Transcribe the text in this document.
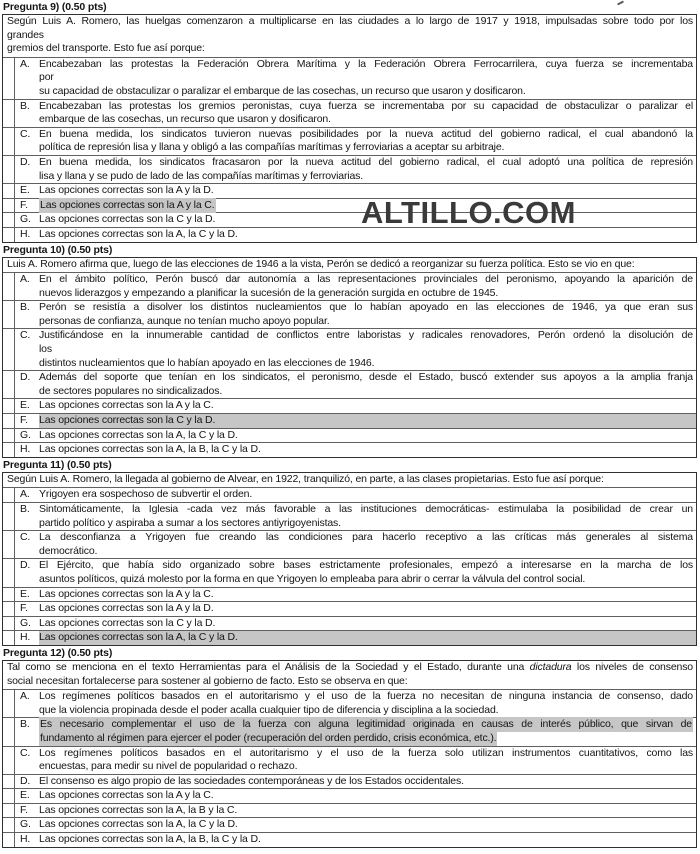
ALTILLO.COM
Pregunta 9) (0.50 pts)
Según Luis A. Romero, las huelgas comenzaron a multiplicarse en las ciudades a lo largo de 1917 y 1918, impulsadas sobre todo por los
grandes
gremios del transporte. Esto fue así porque:
A. Encabezaban las protestas la Federación Obrera Marítima y la Federación Obrera Ferrocarrilera, cuya fuerza se incrementaba
por
su capacidad de obstaculizar o paralizar el embarque de las cosechas, un recurso que usaron y dosificaron.
B. Encabezaban las protestas los gremios peronistas, cuya fuerza se incrementaba por su capacidad de obstaculizar o paralizar el
embarque de las cosechas, un recurso que usaron y dosificaron.
C. En buena medida, los sindicatos tuvieron nuevas posibilidades por la nueva actitud del gobierno radical, el cual abandonó la
política de represión lisa y llana y obligó a las compañías marítimas y ferroviarias a aceptar su arbitraje.
D. En buena medida, los sindicatos fracasaron por la nueva actitud del gobierno radical, el cual adoptó una política de represión
lisa y llana y se pudo de lado de las compañías marítimas y ferroviarias.
E. Las opciones correctas son la A y la D.
F.	Las opciones correctas son la A y la C.
G. Las opciones correctas son la C y la D.
H. Las opciones correctas son la A, la C y la D.
Pregunta 10) (0.50 pts)
Luis A. Romero afirma que, luego de las elecciones de 1946 a la vista, Perón se dedicó a reorganizar su fuerza política. Esto se vio en que:
A. En el ámbito político, Perón buscó dar autonomía a las representaciones provinciales del peronismo, apoyando la aparición de
nuevos liderazgos y empezando a planificar la sucesión de la generación surgida en octubre de 1945.
B. Perón se resistía a disolver los distintos nucleamientos que lo habían apoyado en las elecciones de 1946, ya que eran sus
personas de confianza, aunque no tenían mucho apoyo popular.
C. Justificándose en la innumerable cantidad de conflictos entre laboristas y radicales renovadores, Perón ordenó la disolución de
los
distintos nucleamientos que lo habían apoyado en las elecciones de 1946.
D. Además del soporte que tenían en los sindicatos, el peronismo, desde el Estado, buscó extender sus apoyos a la amplia franja
de sectores populares no sindicalizados.
E. Las opciones correctas son la A y la C.
F.	Las opciones correctas son la C y la D.
G. Las opciones correctas son la A, la C y la D.
H. Las opciones correctas son la A, la B, la C y la D.
Pregunta 11) (0.50 pts)
Según Luis A. Romero, la llegada al gobierno de Alvear, en 1922, tranquilizó, en parte, a las clases propietarias. Esto fue así porque:
A. Yrigoyen era sospechoso de subvertir el orden.
B. Sintomáticamente, la Iglesia -cada vez más favorable a las instituciones democráticas- estimulaba la posibilidad de crear un
partido político y aspiraba a sumar a los sectores antiyrigoyenistas.
C. La desconfianza a Yrigoyen fue creando las condiciones para hacerlo receptivo a las críticas más generales al sistema
democrático.
D. El Ejército, que había sido organizado sobre bases estrictamente profesionales, empezó a interesarse en la marcha de los
asuntos políticos, quizá molesto por la forma en que Yrigoyen lo empleaba para abrir o cerrar la válvula del control social.
E. Las opciones correctas son la A y la C.
F.	Las opciones correctas son la A y la D.
G. Las opciones correctas son la C y la D.
H. Las opciones correctas son la A, la C y la D.
Pregunta 12) (0.50 pts)
Tal como se menciona en el texto Herramientas para el Análisis de la Sociedad y el Estado, durante una dictadura los niveles de consenso
social necesitan fortalecerse para sostener al gobierno de facto. Esto se observa en que:
A. Los regímenes políticos basados en el autoritarismo y el uso de la fuerza no necesitan de ninguna instancia de consenso, dado
que la violencia propinada desde el poder acalla cualquier tipo de diferencia y disciplina a la sociedad.
B. Es necesario complementar el uso de la fuerza con alguna legitimidad originada en causas de interés público, que sirvan de
fundamento al régimen para ejercer el poder (recuperación del orden perdido, crisis económica, etc.).
C. Los regímenes políticos basados en el autoritarismo y el uso de la fuerza solo utilizan instrumentos cuantitativos, como las
encuestas, para medir su nivel de popularidad o rechazo.
D. El consenso es algo propio de las sociedades contemporáneas y de los Estados occidentales.
E. Las opciones correctas son la A y la C.
F.	Las opciones correctas son la A, la B y la C.
G. Las opciones correctas son la A, la C y la D.
H. Las opciones correctas son la A, la B, la C y la D.
